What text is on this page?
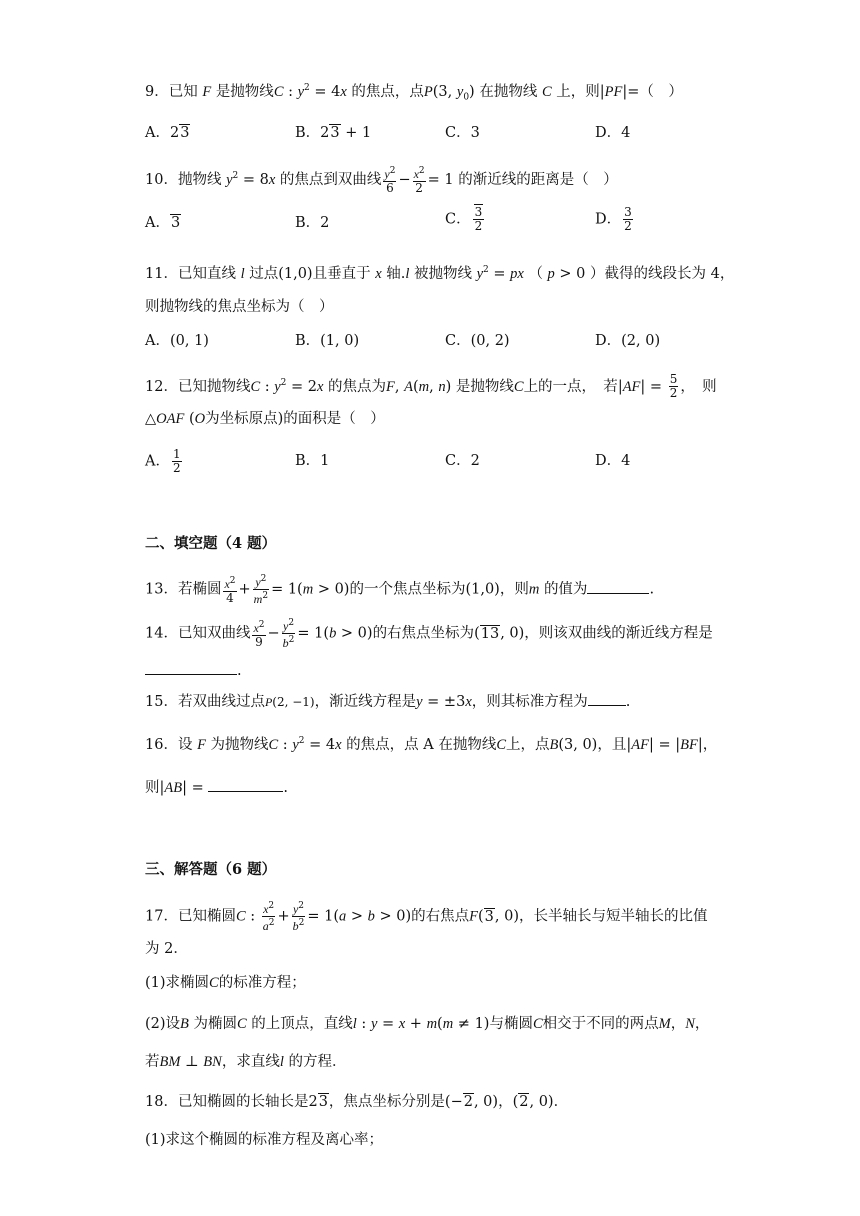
9．已知 F 是抛物线C : $y^2 = 4x$ 的焦点，点P(3, $y_0$) 在抛物线 C 上，则|PF|=（　）
A．23	B．23 + 1	C．3	D．4
10．抛物线 $y^2 = 8x$ 的焦点到双曲线 $\frac{y^2}{6} - \frac{x^2}{2} = 1$ 的渐近线的距离是（　）
A．3	B．2	C． $\frac{3}{2}$	D． $\frac{3}{2}$
11．已知直线 l 过点(1,0)且垂直于 x 轴.l 被抛物线 $y^2$ = px （ p > 0 ）截得的线段长为 4，
则抛物线的焦点坐标为（　）
A．(0, 1)	B．(1, 0)	C．(0, 2)	D．(2, 0)
12．已知抛物线C : $y^2 = 2x$ 的焦点为F, A(m, n) 是抛物线C上的一点，　若$|AF| = \frac{5}{2}$ ，　则
△OAF (O为坐标原点)的面积是（　）
A． $\frac{1}{2}$	B．1	C．2	D．4
二、填空题（4 题）
13．若椭圆 $\frac{x^2}{4} + \frac{y^2}{m^2} = 1(m > 0)$的一个焦点坐标为(1,0)，则m 的值为	.
14．已知双曲线 $\frac{x^2}{9} - \frac{y^2}{b^2} = 1(b > 0)$的右焦点坐标为(13, 0)，则该双曲线的渐近线方程是
.
15．若双曲线过点P(2, −1)，渐近线方程是y = ±3x，则其标准方程为	.
16．设 F 为抛物线C : $y^2 = 4x$ 的焦点，点 A 在抛物线C上，点B(3, 0)，且|AF| = |BF|，
则|AB| =	.
三、解答题（6 题）
17．已知椭圆C : $\frac{x^2}{a^2} + \frac{y^2}{b^2} = 1(a > b > 0)$的右焦点F(3, 0)，长半轴长与短半轴长的比值
为 2．
(1)求椭圆C的标准方程；
(2)设B 为椭圆C 的上顶点，直线l : y = x + m(m ≠ 1)与椭圆C相交于不同的两点M，N，
若BM ⊥ BN，求直线l 的方程．
18．已知椭圆的长轴长是23，焦点坐标分别是(−2, 0)，(2, 0)．
(1)求这个椭圆的标准方程及离心率；
